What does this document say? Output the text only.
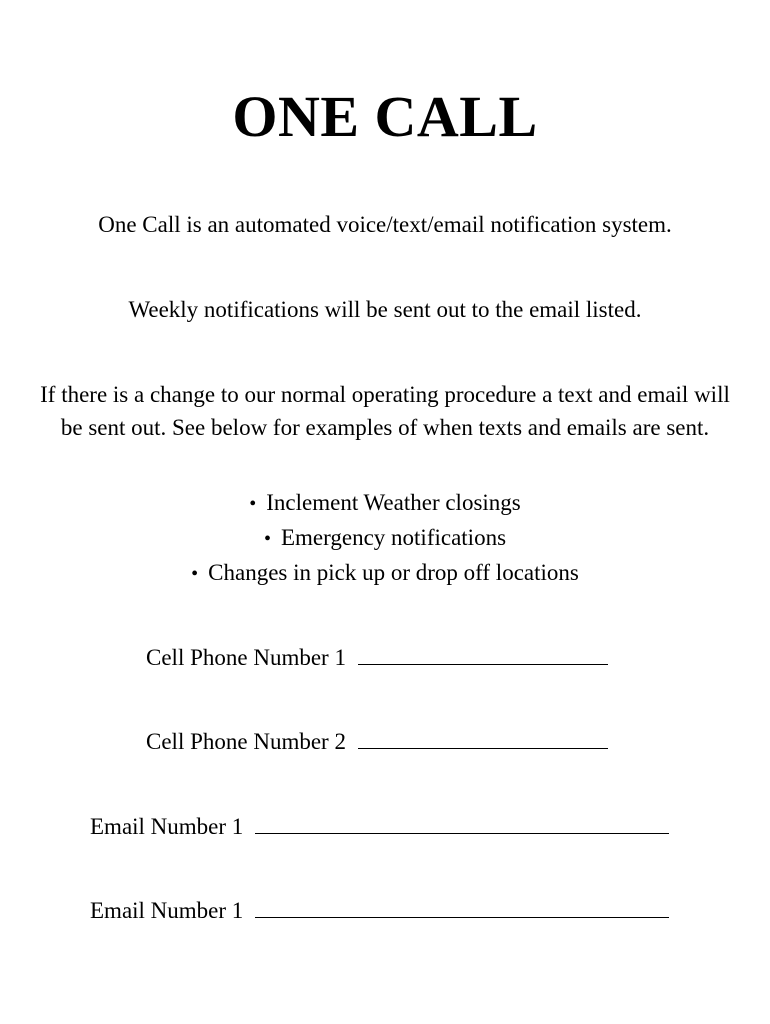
ONE CALL

One Call is an automated voice/text/email notification system.

Weekly notifications will be sent out to the email listed.

If there is a change to our normal operating procedure a text and email will be sent out. See below for examples of when texts and emails are sent.

• Inclement Weather closings
• Emergency notifications
• Changes in pick up or drop off locations
Cell Phone Number 1
Cell Phone Number 2
Email Number 1
Email Number 1
